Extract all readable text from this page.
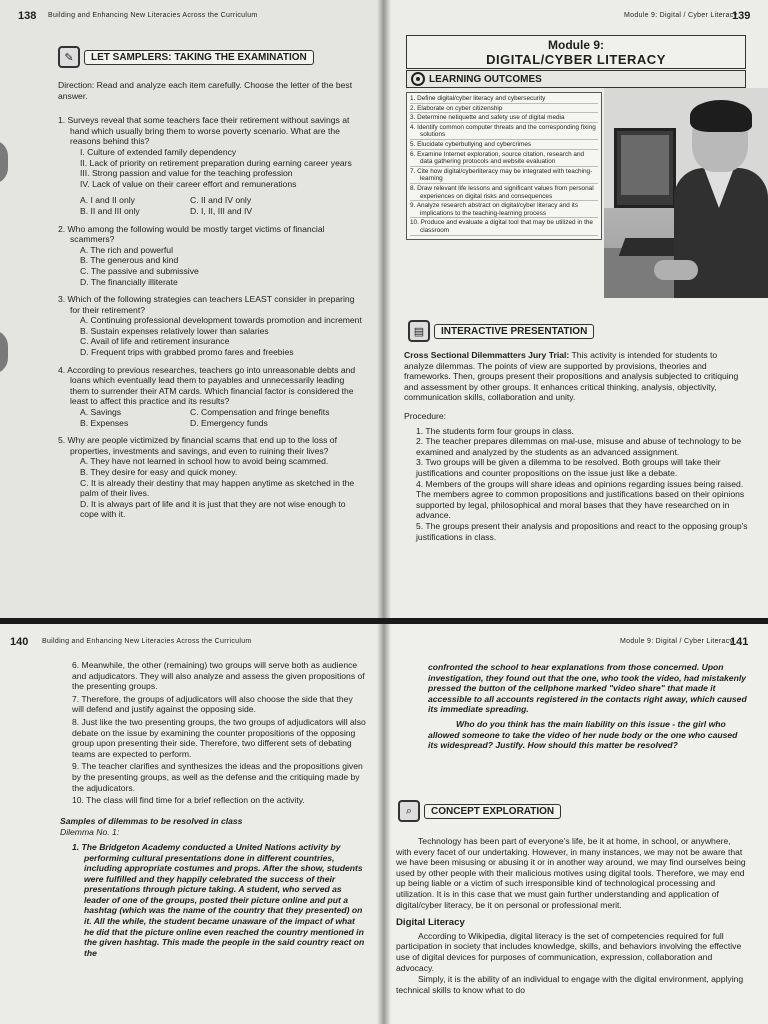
138 Building and Enhancing New Literacies Across the Curriculum
✎	LET SAMPLERS: TAKING THE EXAMINATION

Direction: Read and analyze each item carefully. Choose the letter of the best answer.

1. Surveys reveal that some teachers face their retirement without savings at hand which usually bring them to worse poverty scenario. What are the reasons behind this?
I. Culture of extended family dependency
II. Lack of priority on retirement preparation during earning career years
III. Strong passion and value for the teaching profession
IV. Lack of value on their career effort and remunerations
A. I and II only	C. II and IV only
B. II and III only	D. I, II, III and IV
2. Who among the following would be mostly target victims of financial scammers?
A. The rich and powerful
B. The generous and kind
C. The passive and submissive
D. The financially illiterate
3. Which of the following strategies can teachers LEAST consider in preparing for their retirement?
A. Continuing professional development towards promotion and increment
B. Sustain expenses relatively lower than salaries
C. Avail of life and retirement insurance
D. Frequent trips with grabbed promo fares and freebies
4. According to previous researches, teachers go into unreasonable debts and loans which eventually lead them to payables and unnecessarily leading them to surrender their ATM cards. Which financial factor is considered the least to affect this practice and its results?
A. Savings	C. Compensation and fringe benefits
B. Expenses	D. Emergency funds
5. Why are people victimized by financial scams that end up to the loss of properties, investments and savings, and even to ruining their lives?
A. They have not learned in school how to avoid being scammed.
B. They desire for easy and quick money.
C. It is already their destiny that may happen anytime as sketched in the palm of their lives.
D. It is always part of life and it is just that they are not wise enough to cope with it.
Module 9: Digital / Cyber Literacy
139
Module 9:
DIGITAL/CYBER LITERACY
LEARNING OUTCOMES
1. Define digital/cyber literacy and cybersecurity
2. Elaborate on cyber citizenship
3. Determine netiquette and safety use of digital media
4. Identify common computer threats and the corresponding fixing solutions
5. Elucidate cyberbullying and cybercrimes
6. Examine Internet exploration, source citation, research and data gathering protocols and website evaluation
7. Cite how digital/cyberliteracy may be integrated with teaching-learning
8. Draw relevant life lessons and significant values from personal experiences on digital risks and consequences
9. Analyze research abstract on digital/cyber literacy and its implications to the teaching-learning process
10. Produce and evaluate a digital tool that may be utilized in the classroom
▤	INTERACTIVE PRESENTATION

Cross Sectional Dilemmatters Jury Trial: This activity is intended for students to analyze dilemmas. The points of view are supported by provisions, theories and frameworks. Then, groups present their propositions and analysis subjected to critiquing and assessment by other groups. It enhances critical thinking, analysis, objectivity, communication skills, collaboration and unity.

Procedure:

1. The students form four groups in class.
2. The teacher prepares dilemmas on mal-use, misuse and abuse of technology to be examined and analyzed by the students as an advanced assignment.
3. Two groups will be given a dilemma to be resolved. Both groups will take their justifications and counter propositions on the issue just like a debate.
4. Members of the groups will share ideas and opinions regarding issues being raised. The members agree to common propositions and justifications based on their opinions supported by legal, philosophical and moral bases that they have researched on in advance.
5. The groups present their analysis and propositions and react to the opposing group's justifications in class.
140 Building and Enhancing New Literacies Across the Curriculum
6. Meanwhile, the other (remaining) two groups will serve both as audience and adjudicators. They will also analyze and assess the given propositions of the presenting groups.
7. Therefore, the groups of adjudicators will also choose the side that they will defend and justify against the opposing side.
8. Just like the two presenting groups, the two groups of adjudicators will also debate on the issue by examining the counter propositions of the opposing group upon presenting their side. Therefore, two different sets of debating teams are expected to perform.
9. The teacher clarifies and synthesizes the ideas and the propositions given by the presenting groups, as well as the defense and the critiquing made by the adjudicators.
10. The class will find time for a brief reflection on the activity.

Samples of dilemmas to be resolved in class

Dilemma No. 1:

1. The Bridgeton Academy conducted a United Nations activity by performing cultural presentations done in different countries, including appropriate costumes and props. After the show, students were fulfilled and they happily celebrated the success of their presentations through picture taking. A student, who served as leader of one of the groups, posted their picture online and put a hashtag (which was the name of the country that they presented) on it. All the while, the student became unaware of the impact of what he did that the picture online even reached the country mentioned in the given hashtag. This made the people in the said country react on the

Module 9: Digital / Cyber Literacy
141

confronted the school to hear explanations from those concerned. Upon investigation, they found out that the one, who took the video, had mistakenly pressed the button of the cellphone marked "video share" that made it accessible to all accounts registered in the contacts right away, which caused its immediate spreading.

Who do you think has the main liability on this issue - the girl who allowed someone to take the video of her nude body or the one who caused its widespread? Justify. How should this matter be resolved?

⌕	CONCEPT EXPLORATION

Technology has been part of everyone's life, be it at home, in school, or anywhere, with every facet of our undertaking. However, in many instances, we may not be aware that we have been misusing or abusing it or in another way around, we may find ourselves being used by other people with their malicious motives using digital tools. Therefore, we may end up being liable or a victim of such irresponsible kind of technological processing and utilization. It is in this case that we must gain further understanding and application of digital/cyber literacy, be it on personal or professional merit.

Digital Literacy

According to Wikipedia, digital literacy is the set of competencies required for full participation in society that includes knowledge, skills, and behaviors involving the effective use of digital devices for purposes of communication, expression, collaboration and advocacy.

Simply, it is the ability of an individual to engage with the digital environment, applying technical skills to know what to do
